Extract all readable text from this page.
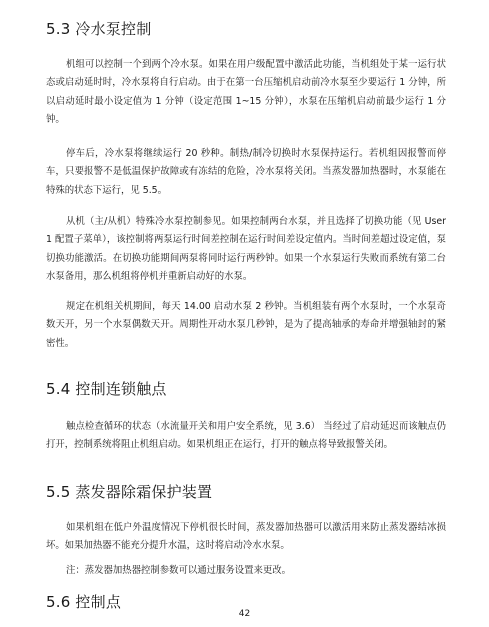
5.3 冷水泵控制

机组可以控制一个到两个冷水泵。如果在用户级配置中激活此功能，当机组处于某一运行状态或启动延时时，冷水泵将自行启动。由于在第一台压缩机启动前冷水泵至少要运行 1 分钟，所以启动延时最小设定值为 1 分钟（设定范围 1~15 分钟），水泵在压缩机启动前最少运行 1 分钟。

停车后，冷水泵将继续运行 20 秒种。制热/制冷切换时水泵保持运行。若机组因报警而停车，只要报警不是低温保护故障或有冻结的危险，冷水泵将关闭。当蒸发器加热器时，水泵能在特殊的状态下运行，见 5.5。

从机（主/从机）特殊冷水泵控制参见。如果控制两台水泵，并且选择了切换功能（见 User1 配置子菜单），该控制将两泵运行时间差控制在运行时间差设定值内。当时间差超过设定值，泵切换功能激活。在切换功能期间两泵将同时运行两秒钟。如果一个水泵运行失败而系统有第二台水泵备用，那么机组将停机并重新启动好的水泵。

规定在机组关机期间，每天 14.00 启动水泵 2 秒钟。当机组装有两个水泵时，一个水泵奇数天开，另一个水泵偶数天开。周期性开动水泵几秒钟，是为了提高轴承的寿命并增强轴封的紧密性。

5.4 控制连锁触点

触点检查循环的状态（水流量开关和用户安全系统，见 3.6） 当经过了启动延迟而该触点仍打开，控制系统将阻止机组启动。如果机组正在运行，打开的触点将导致报警关闭。

5.5 蒸发器除霜保护装置

如果机组在低户外温度情况下停机很长时间，蒸发器加热器可以激活用来防止蒸发器结冰损坏。如果加热器不能充分提升水温，这时将启动冷水水泵。

注：蒸发器加热器控制参数可以通过服务设置来更改。

5.6 控制点

42
